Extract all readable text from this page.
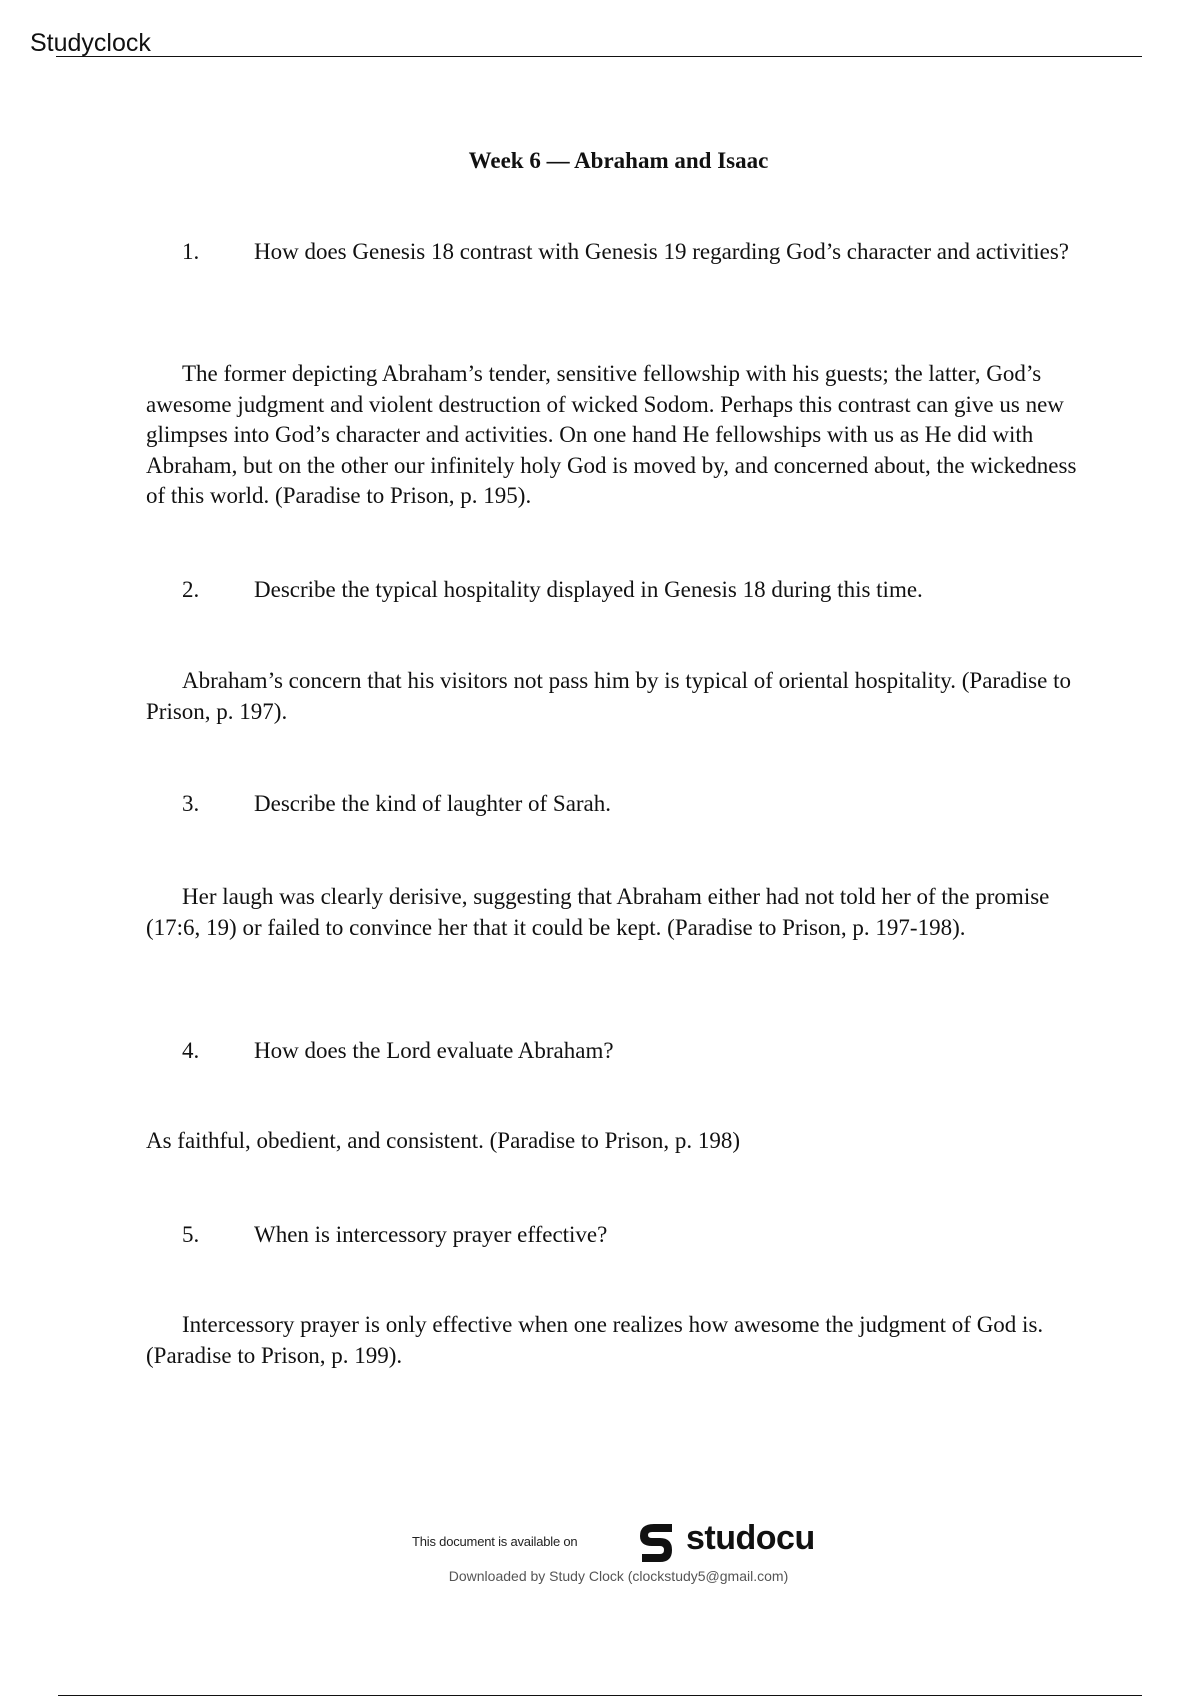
Studyclock
Week 6 — Abraham and Isaac
1. How does Genesis 18 contrast with Genesis 19 regarding God’s character and activities?
The former depicting Abraham’s tender, sensitive fellowship with his guests; the latter, God’s awesome judgment and violent destruction of wicked Sodom. Perhaps this contrast can give us new glimpses into God’s character and activities. On one hand He fellowships with us as He did with Abraham, but on the other our infinitely holy God is moved by, and concerned about, the wickedness of this world. (Paradise to Prison, p. 195).
2. Describe the typical hospitality displayed in Genesis 18 during this time.
Abraham’s concern that his visitors not pass him by is typical of oriental hospitality. (Paradise to Prison, p. 197).
3. Describe the kind of laughter of Sarah.
Her laugh was clearly derisive, suggesting that Abraham either had not told her of the promise (17:6, 19) or failed to convince her that it could be kept. (Paradise to Prison, p. 197-198).
4. How does the Lord evaluate Abraham?
As faithful, obedient, and consistent. (Paradise to Prison, p. 198)
5. When is intercessory prayer effective?
Intercessory prayer is only effective when one realizes how awesome the judgment of God is. (Paradise to Prison, p. 199).
This document is available on	studocu
Downloaded by Study Clock (clockstudy5@gmail.com)
